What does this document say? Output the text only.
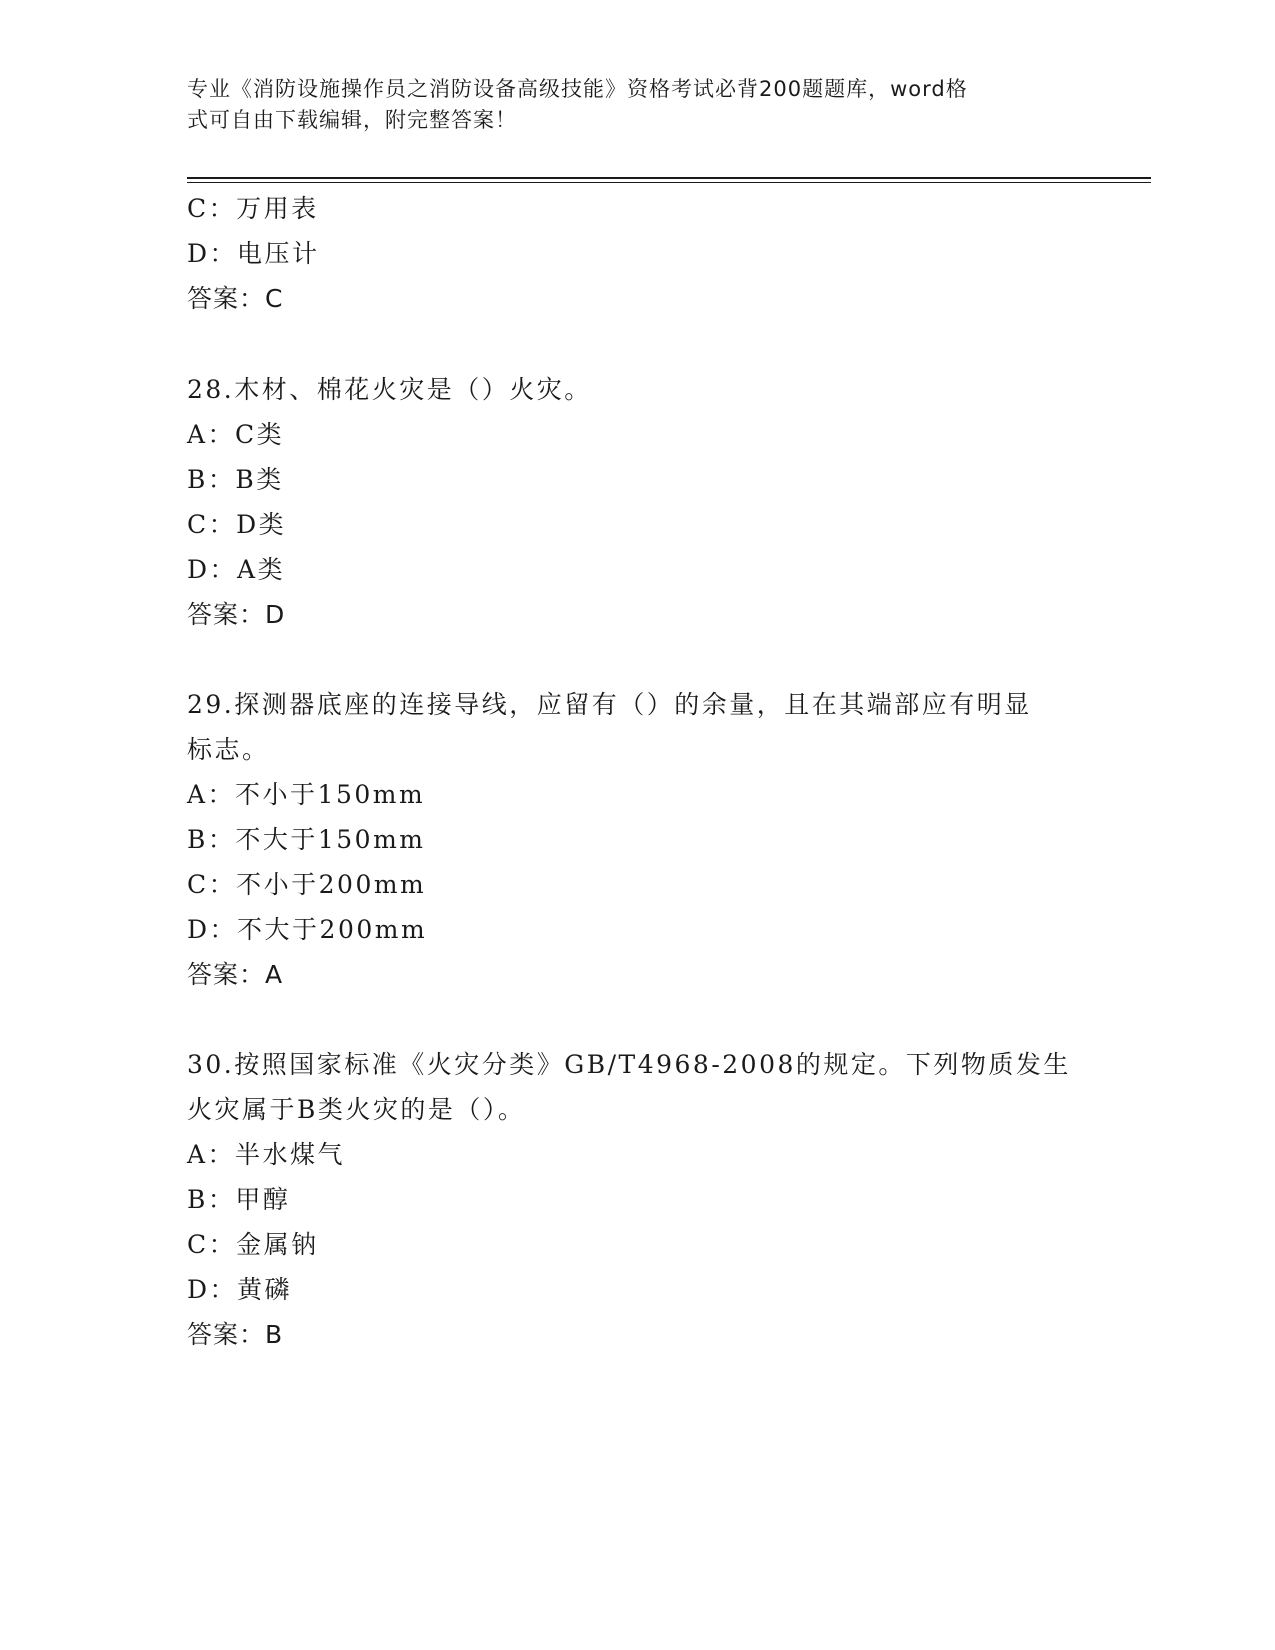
专业《消防设施操作员之消防设备高级技能》资格考试必背200题题库，word格
式可自由下载编辑，附完整答案！
C：万用表
D：电压计
答案：C
28.木材、棉花火灾是（）火灾。
A：C类
B：B类
C：D类
D：A类
答案：D
29.探测器底座的连接导线，应留有（）的余量，且在其端部应有明显
标志。
A：不小于150mm
B：不大于150mm
C：不小于200mm
D：不大于200mm
答案：A
30.按照国家标准《火灾分类》GB/T4968-2008的规定。下列物质发生
火灾属于B类火灾的是（）。
A：半水煤气
B：甲醇
C：金属钠
D：黄磷
答案：B
